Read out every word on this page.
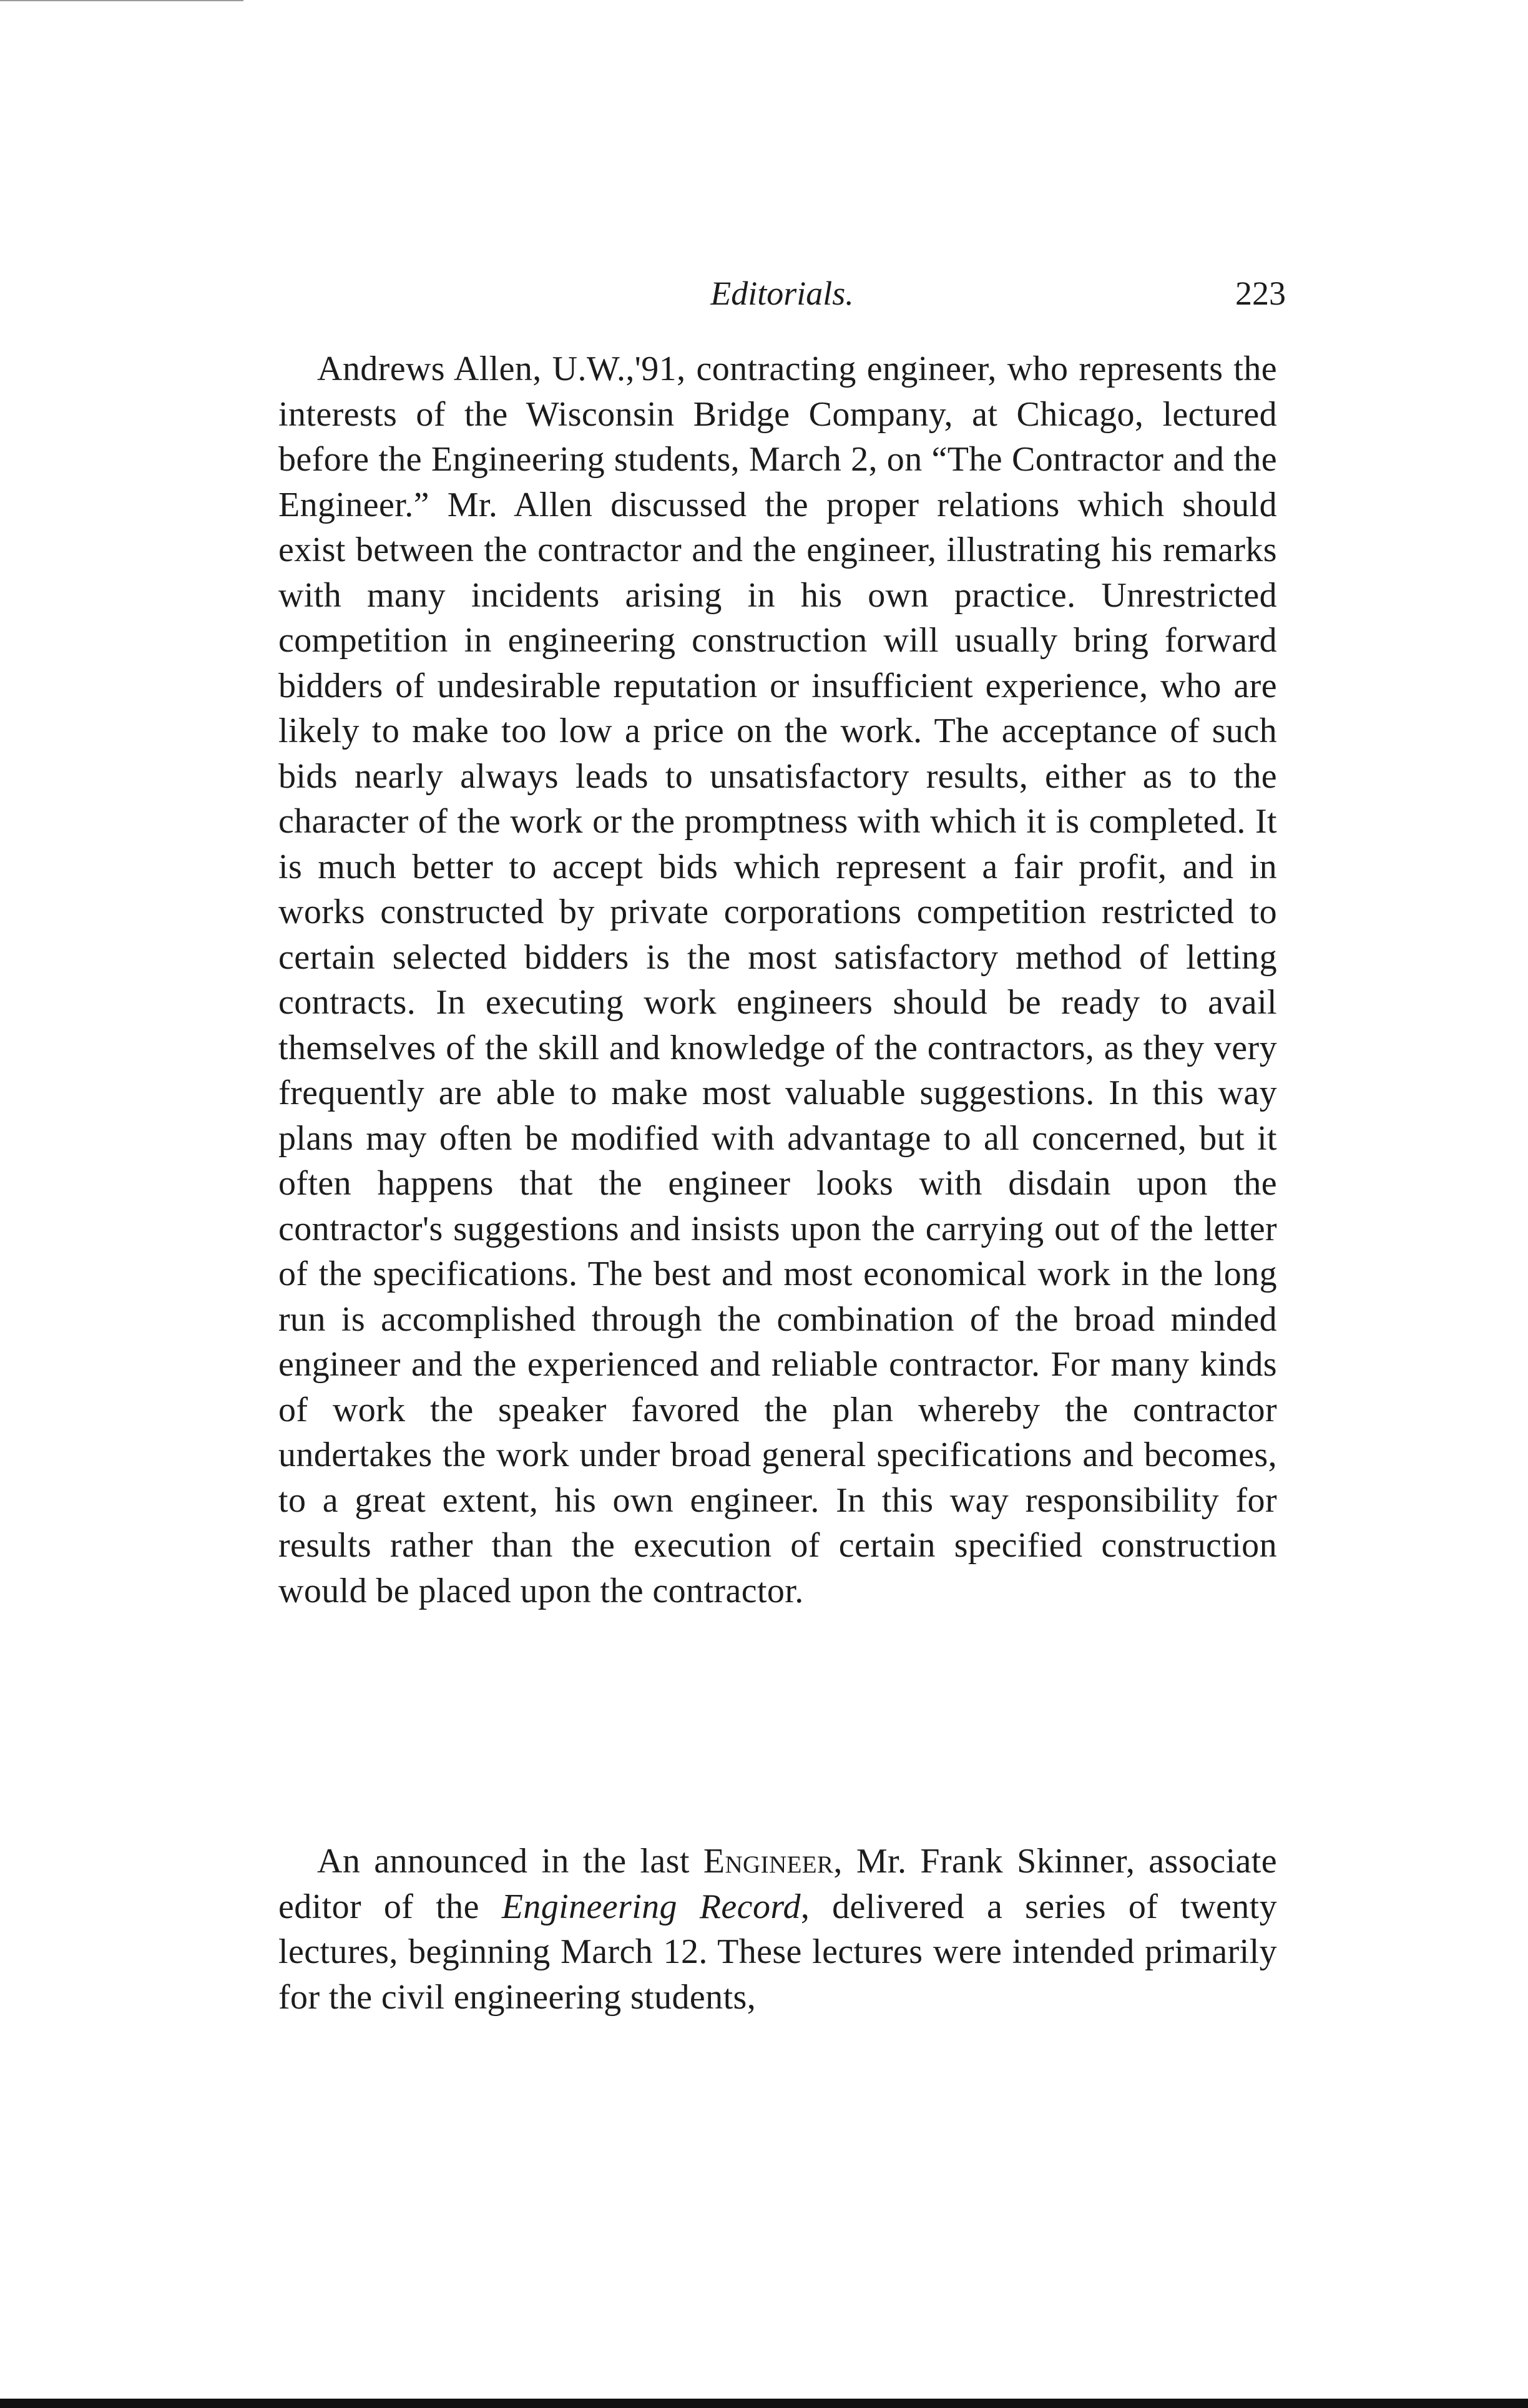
Editorials.	223

Andrews Allen, U.W.,'91, contracting engineer, who represents the interests of the Wisconsin Bridge Company, at Chicago, lectured before the Engineering students, March 2, on “The Contractor and the Engineer.” Mr. Allen discussed the proper relations which should exist between the contractor and the engineer, illustrating his remarks with many incidents arising in his own practice. Unrestricted competition in engineering construction will usually bring forward bidders of undesirable reputation or insufficient experience, who are likely to make too low a price on the work. The acceptance of such bids nearly always leads to unsatisfactory results, either as to the character of the work or the promptness with which it is completed. It is much better to accept bids which represent a fair profit, and in works constructed by private corporations competition restricted to certain selected bidders is the most satisfactory method of letting contracts. In executing work engineers should be ready to avail themselves of the skill and knowledge of the contractors, as they very frequently are able to make most valuable suggestions. In this way plans may often be modified with advantage to all concerned, but it often happens that the engineer looks with disdain upon the contractor's suggestions and insists upon the carrying out of the letter of the specifications. The best and most economical work in the long run is accomplished through the combination of the broad minded engineer and the experienced and reliable contractor. For many kinds of work the speaker favored the plan whereby the contractor undertakes the work under broad general specifications and becomes, to a great extent, his own engineer. In this way responsibility for results rather than the execution of certain specified construction would be placed upon the contractor.

An announced in the last Engineer, Mr. Frank Skinner, associate editor of the Engineering Record, delivered a series of twenty lectures, beginning March 12. These lectures were intended primarily for the civil engineering students,
